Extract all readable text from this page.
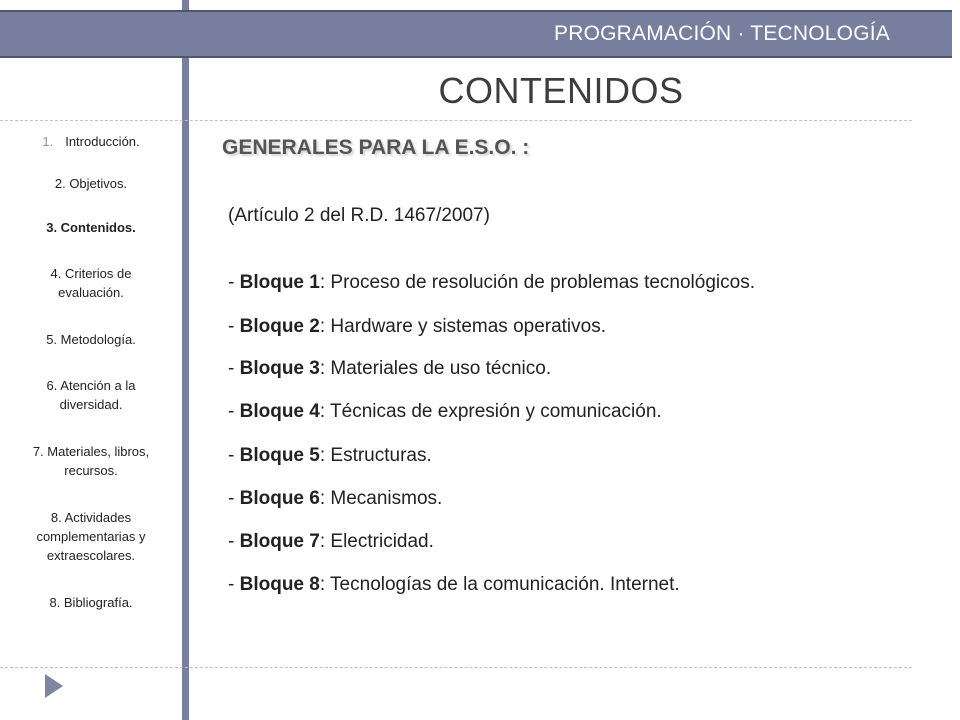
PROGRAMACIÓN · TECNOLOGÍA
CONTENIDOS
1. Introducción.
2. Objetivos.
3. Contenidos.
4. Criterios de evaluación.
5. Metodología.
6. Atención a la diversidad.
7. Materiales, libros, recursos.
8. Actividades complementarias y extraescolares.
8. Bibliografía.
GENERALES PARA LA E.S.O. :
(Artículo 2 del R.D. 1467/2007)
- Bloque 1: Proceso de resolución de problemas tecnológicos.
- Bloque 2: Hardware y sistemas operativos.
- Bloque 3: Materiales de uso técnico.
- Bloque 4: Técnicas de expresión y comunicación.
- Bloque 5: Estructuras.
- Bloque 6: Mecanismos.
- Bloque 7: Electricidad.
- Bloque 8: Tecnologías de la comunicación. Internet.
